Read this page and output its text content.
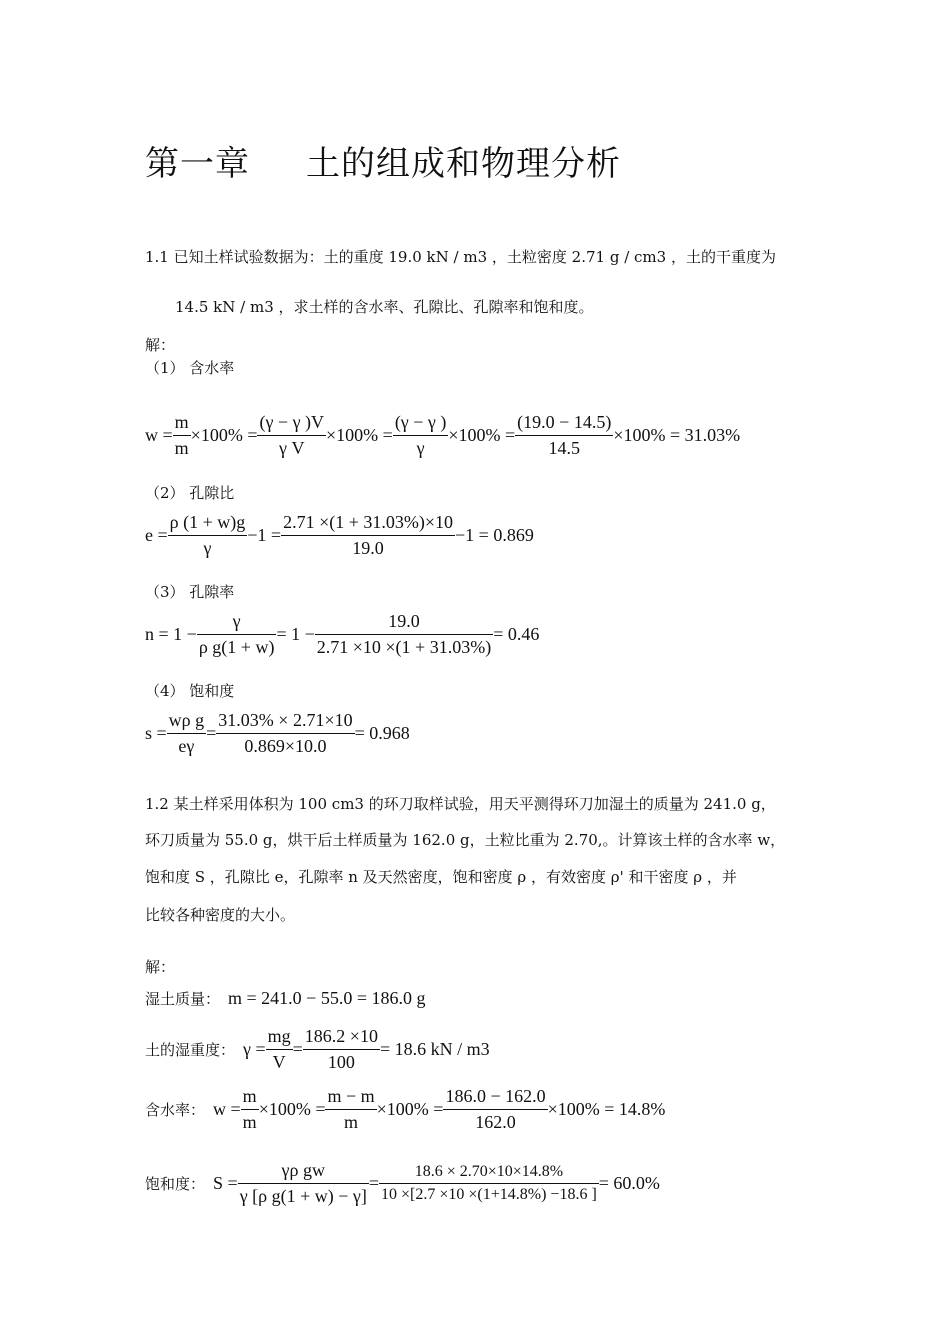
第一章 土的组成和物理分析
1.1 已知土样试验数据为：土的重度 19.0 kN / m3 ，土粒密度 2.71 g / cm3 ，土的干重度为
14.5 kN / m3 ，求土样的含水率、孔隙比、孔隙率和饱和度。
解：
（1） 含水率
$w = \frac{m}{m} \times 100\% = \frac{(\gamma - \gamma )V}{\text{γ V}} \times 100\% = \frac{(\gamma - \gamma )}{\gamma} \times 100\% = \frac{(19.0 - 14.5)}{14.5} \times 100\% = 31.03\%$
（2） 孔隙比
$e = \frac{\rho (1 + w)g}{\gamma} -1 = \frac{2.71 \times(1 + 31.03\%)\times 10}{19.0} -1 = 0.869$
（3） 孔隙率
$n = 1 - \frac{\gamma}{\text{ρ g(1 + w)}} = 1 - \frac{19.0}{2.71 \times 10 \times(1 + 31.03\%)} = 0.46$
（4） 饱和度
$s = \frac{\text{wρ g}}{e\gamma} = \frac{31.03\% \times 2.71\times 10}{0.869\times 10.0} = 0.968$
1.2 某土样采用体积为 100 cm3 的环刀取样试验，用天平测得环刀加湿土的质量为 241.0 g，
环刀质量为 55.0 g，烘干后土样质量为 162.0 g，土粒比重为 2.70,。计算该土样的含水率 w，
饱和度 S ，孔隙比 e，孔隙率 n 及天然密度，饱和密度 ρ ，有效密度 ρ' 和干密度 ρ ，并
比较各种密度的大小。
解：
湿土质量： m = 241.0 − 55.0 = 186.0 g
土的湿重度： $\gamma = \frac{mg}{V} = \frac{186.2 \times 10}{100} = 18.6$ kN / m3
含水率： $w = \frac{m}{m} \times 100\% = \frac{m - m}{m} \times 100\% = \frac{186.0 - 162.0}{162.0} \times 100\% = 14.8\%$
饱和度： $S = \frac{\text{γρ gw}}{\text{γ [ρ g(1 + w) − γ]}} = \frac{18.6 \times 2.70\times 10\times 14.8\%}{10 \times[2.7 \times 10 \times(1+14.8\%) -18.6 ]} = 60.0\%$
